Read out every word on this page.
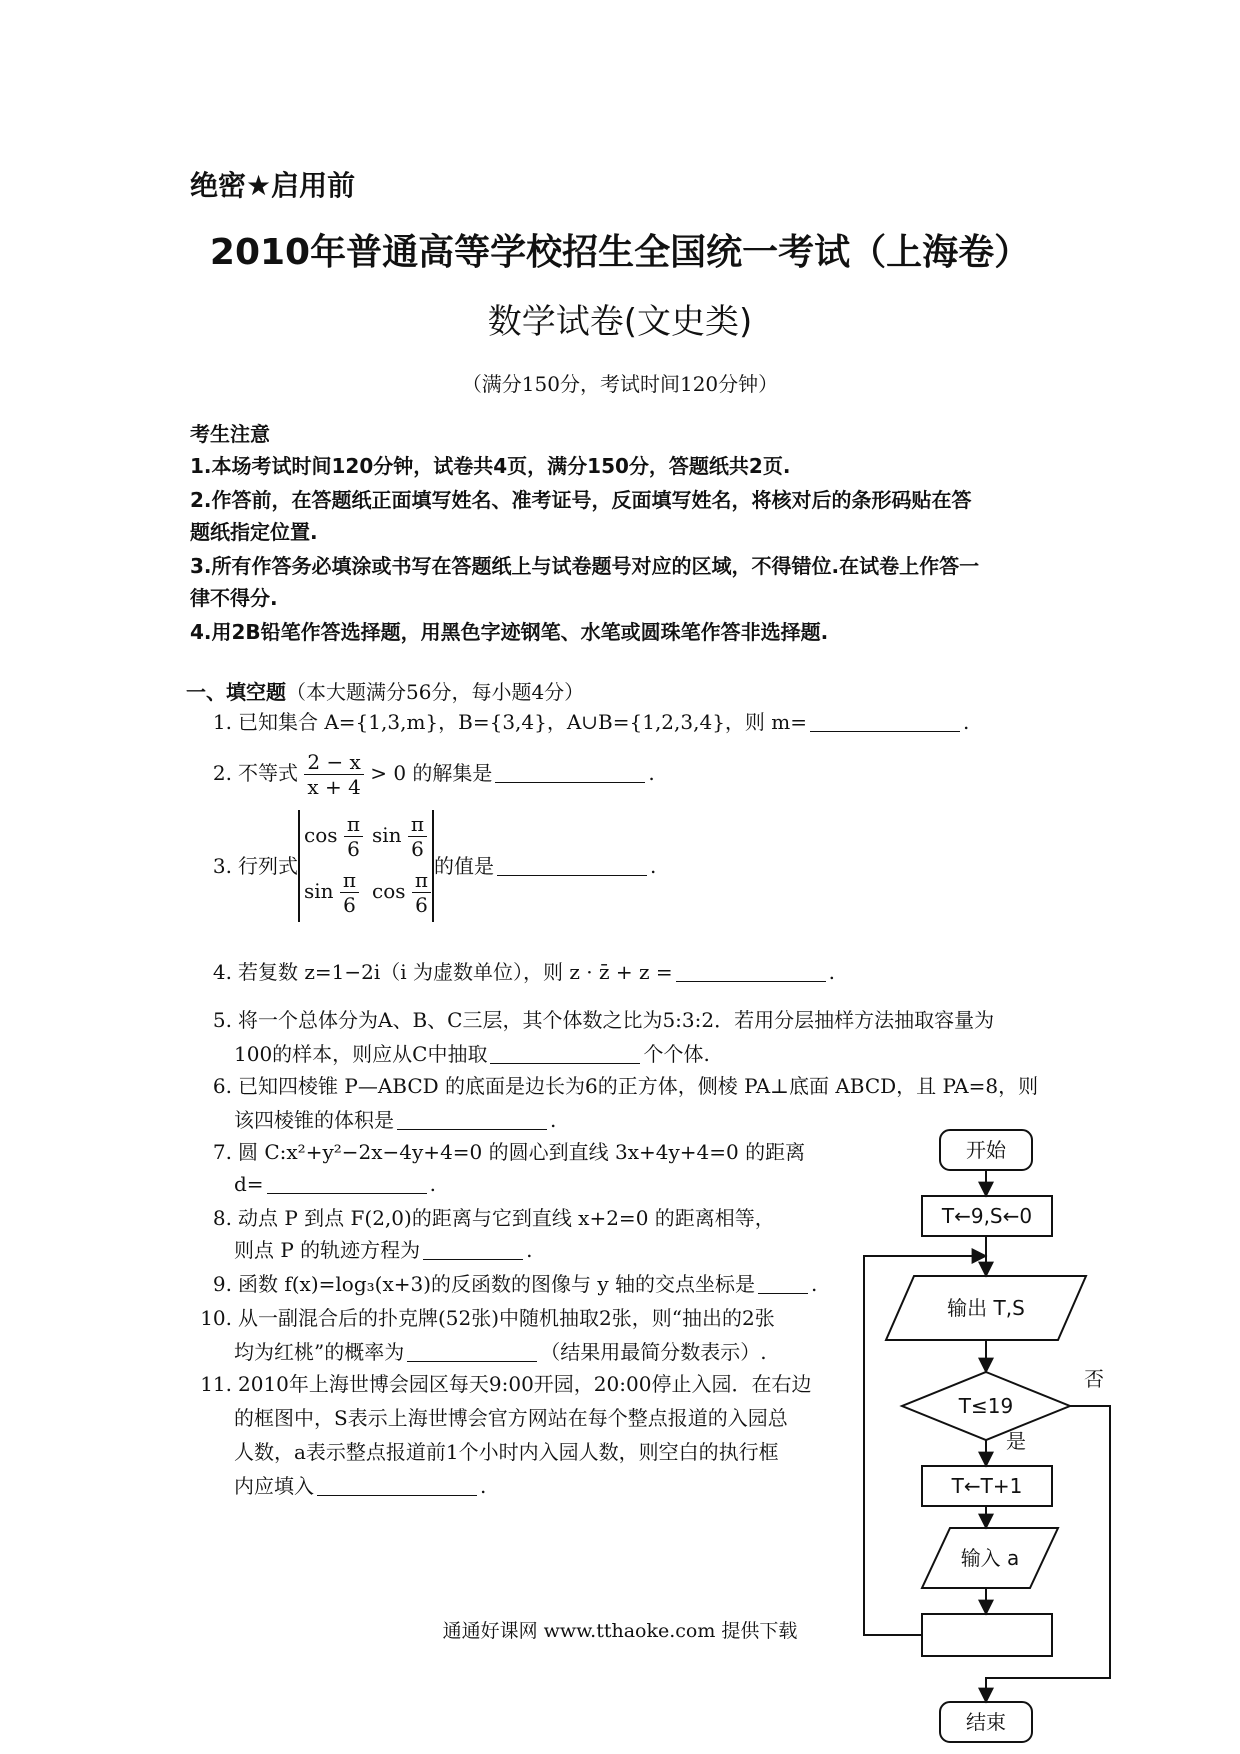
绝密★启用前
2010年普通高等学校招生全国统一考试（上海卷）
数学试卷(文史类)
（满分150分，考试时间120分钟）
考生注意
1.本场考试时间120分钟，试卷共4页，满分150分，答题纸共2页.
2.作答前，在答题纸正面填写姓名、准考证号，反面填写姓名，将核对后的条形码贴在答
题纸指定位置.
3.所有作答务必填涂或书写在答题纸上与试卷题号对应的区域，不得错位.在试卷上作答一
律不得分.
4.用2B铅笔作答选择题，用黑色字迹钢笔、水笔或圆珠笔作答非选择题.
一、填空题（本大题满分56分，每小题4分）
1. 已知集合 A={1,3,m}，B={3,4}，A∪B={1,2,3,4}，则 m=	.
2. 不等式 $\frac{2 - x}{x + 4} > 0$ 的解集是	.
3. 行列式
$\cos \frac{\pi}{6}$ $\sin \frac{\pi}{6}$
$\sin \frac{\pi}{6}$ $\cos \frac{\pi}{6}$
的值是	.
4. 若复数 z=1−2i（i 为虚数单位），则 z · z̄ + z =	.
5. 将一个总体分为A、B、C三层，其个体数之比为5:3:2．若用分层抽样方法抽取容量为
100的样本，则应从C中抽取	个个体.
6. 已知四棱锥 P—ABCD 的底面是边长为6的正方体，侧棱 PA⊥底面 ABCD，且 PA=8，则
该四棱锥的体积是	.
7. 圆 C:x²+y²−2x−4y+4=0 的圆心到直线 3x+4y+4=0 的距离
d=	.
8. 动点 P 到点 F(2,0)的距离与它到直线 x+2=0 的距离相等，
则点 P 的轨迹方程为	.
9. 函数 f(x)=log₃(x+3)的反函数的图像与 y 轴的交点坐标是	.
10. 从一副混合后的扑克牌(52张)中随机抽取2张，则“抽出的2张
均为红桃”的概率为	（结果用最简分数表示）.
11. 2010年上海世博会园区每天9:00开园，20:00停止入园．在右边
的框图中，S表示上海世博会官方网站在每个整点报道的入园总
人数，a表示整点报道前1个小时内入园人数，则空白的执行框
内应填入	.
开始
T←9,S←0
输出 T,S
T≤19
是
否
T←T+1
输入 a
结束
通通好课网 www.tthaoke.com 提供下载
